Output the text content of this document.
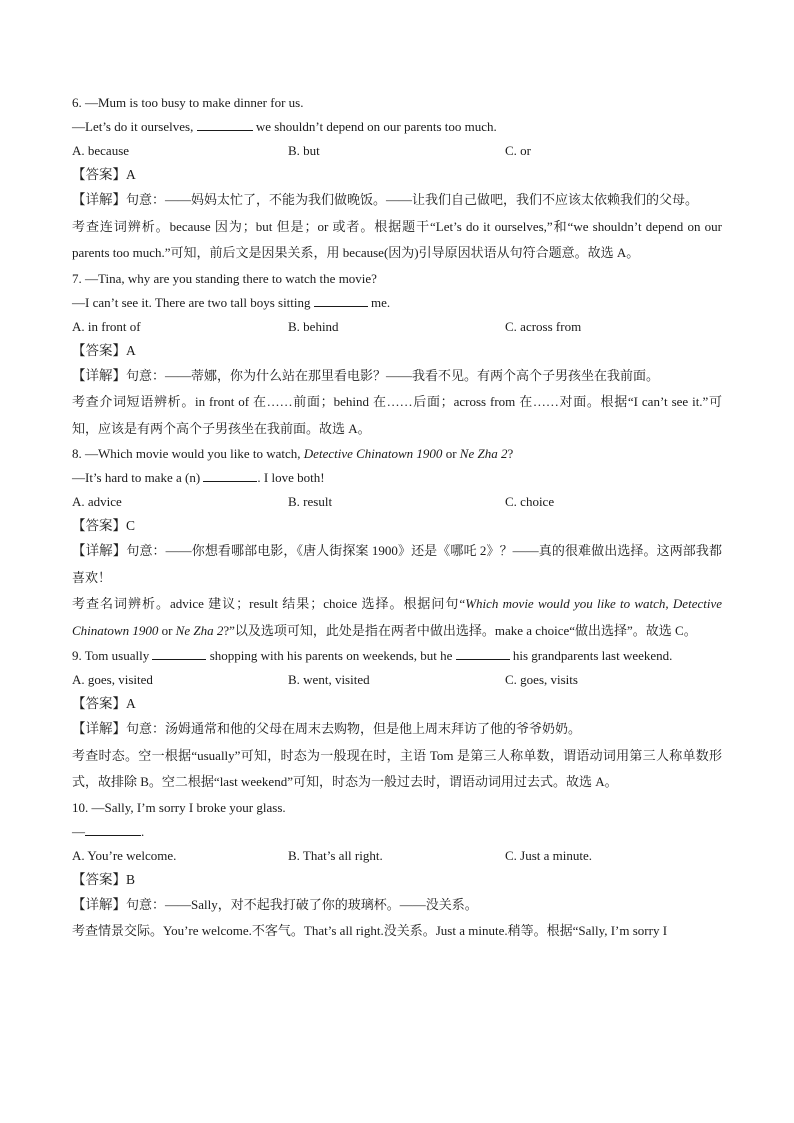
6. —Mum is too busy to make dinner for us.
—Let’s do it ourselves,	we shouldn’t depend on our parents too much.
A. because	B. but	C. or
【答案】A
【详解】句意：——妈妈太忙了，不能为我们做晚饭。——让我们自己做吧，我们不应该太依赖我们的父母。
考查连词辨析。because 因为；but 但是；or 或者。根据题干“Let’s do it ourselves,”和“we shouldn’t depend on our parents too much.”可知，前后文是因果关系，用 because(因为)引导原因状语从句符合题意。故选 A。
7. —Tina, why are you standing there to watch the movie?
—I can’t see it. There are two tall boys sitting	me.
A. in front of	B. behind	C. across from
【答案】A
【详解】句意：——蒂娜，你为什么站在那里看电影？——我看不见。有两个高个子男孩坐在我前面。
考查介词短语辨析。in front of 在……前面；behind 在……后面；across from 在……对面。根据“I can’t see it.”可知，应该是有两个高个子男孩坐在我前面。故选 A。
8. —Which movie would you like to watch, Detective Chinatown 1900 or Ne Zha 2?
—It’s hard to make a (n)	. I love both!
A. advice	B. result	C. choice
【答案】C
【详解】句意：——你想看哪部电影，《唐人街探案 1900》还是《哪吒 2》？——真的很难做出选择。这两部我都喜欢！
考查名词辨析。advice 建议；result 结果；choice 选择。根据问句“Which movie would you like to watch, Detective Chinatown 1900 or Ne Zha 2?”以及选项可知，此处是指在两者中做出选择。make a choice“做出选择”。故选 C。
9. Tom usually	shopping with his parents on weekends, but he	his grandparents last weekend.
A. goes, visited	B. went, visited	C. goes, visits
【答案】A
【详解】句意：汤姆通常和他的父母在周末去购物，但是他上周末拜访了他的爷爷奶奶。
考查时态。空一根据“usually”可知，时态为一般现在时，主语 Tom 是第三人称单数，谓语动词用第三人称单数形式，故排除 B。空二根据“last weekend”可知，时态为一般过去时，谓语动词用过去式。故选 A。
10. —Sally, I’m sorry I broke your glass.
—	.
A. You’re welcome.	B. That’s all right.	C. Just a minute.
【答案】B
【详解】句意：——Sally，对不起我打破了你的玻璃杯。——没关系。
考查情景交际。You’re welcome.不客气。That’s all right.没关系。Just a minute.稍等。根据“Sally, I’m sorry I
